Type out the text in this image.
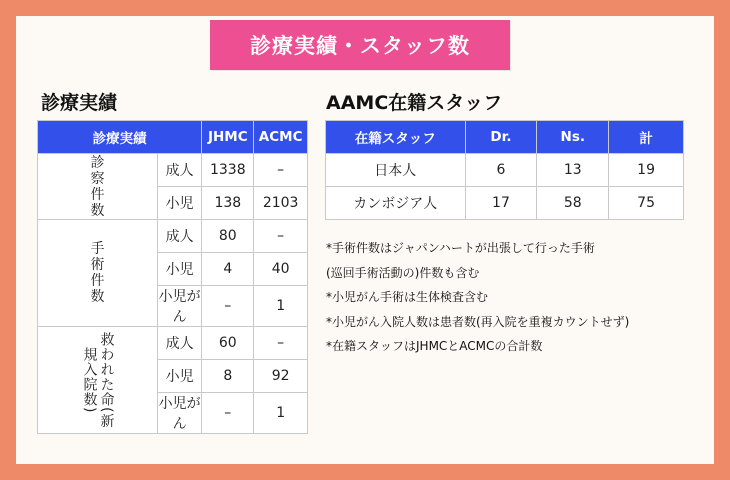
診療実績・スタッフ数
診療実績	AAMC在籍スタッフ
診療実績		JHMC	ACMC

診
察
件
数	成人	1338	–
	小児	138	2103

手
術
件
数	成人	80	–
	小児	4	40
	小児がん	–	1

救われた命(新規入院数)	成人	60	–
	小児	8	92
	小児がん	–	1
在籍スタッフ	Dr.	Ns.	計
日本人	6	13	19
カンボジア人	17	58	75
*手術件数はジャパンハートが出張して行った手術
(巡回手術活動の)件数も含む
*小児がん手術は生体検査含む
*小児がん入院人数は患者数(再入院を重複カウントせず)
*在籍スタッフはJHMCとACMCの合計数
